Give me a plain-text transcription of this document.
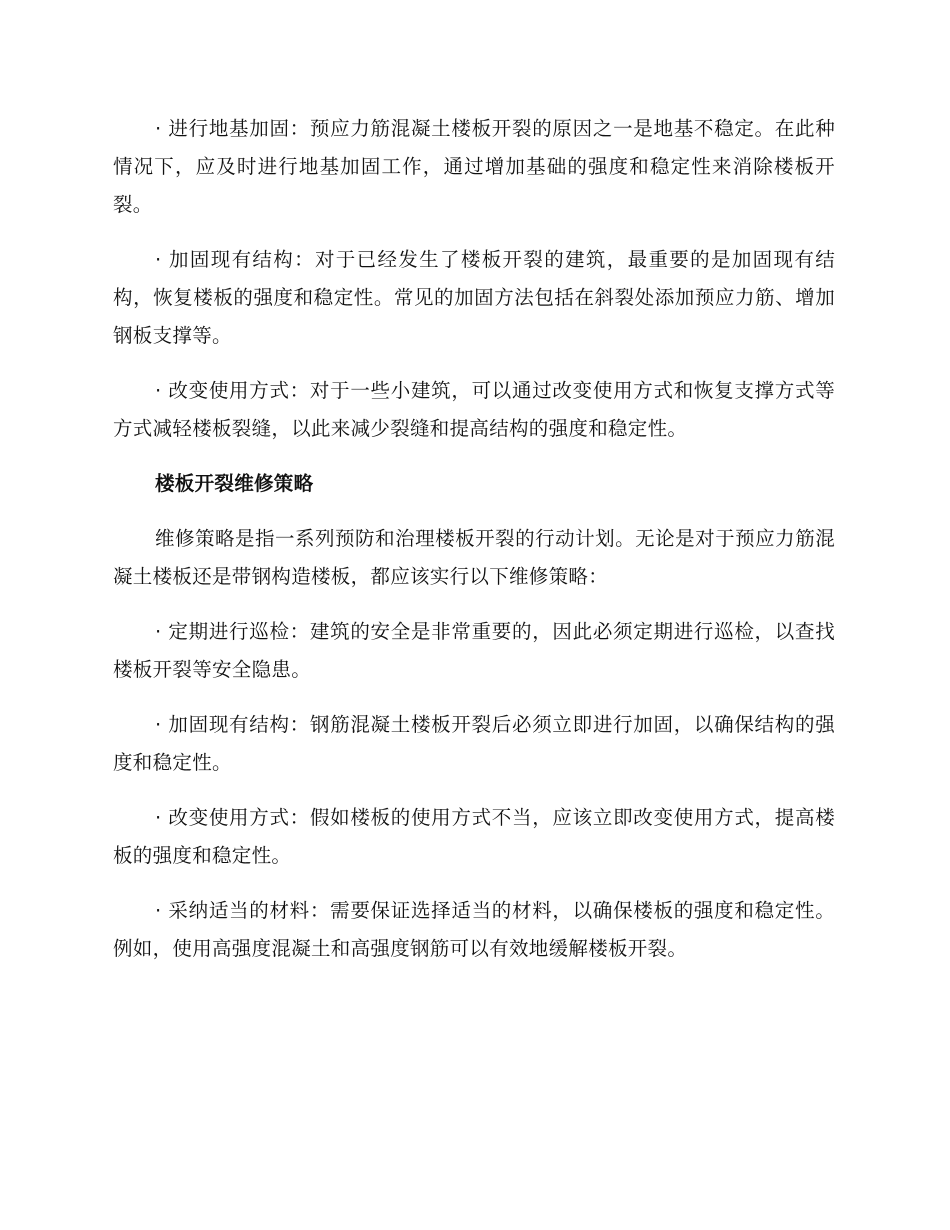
· 进行地基加固：预应力筋混凝土楼板开裂的原因之一是地基不稳定。在此种情况下，应及时进行地基加固工作，通过增加基础的强度和稳定性来消除楼板开裂。

· 加固现有结构：对于已经发生了楼板开裂的建筑，最重要的是加固现有结构，恢复楼板的强度和稳定性。常见的加固方法包括在斜裂处添加预应力筋、增加钢板支撑等。

· 改变使用方式：对于一些小建筑，可以通过改变使用方式和恢复支撑方式等方式减轻楼板裂缝，以此来减少裂缝和提高结构的强度和稳定性。

楼板开裂维修策略

维修策略是指一系列预防和治理楼板开裂的行动计划。无论是对于预应力筋混凝土楼板还是带钢构造楼板，都应该实行以下维修策略：

· 定期进行巡检：建筑的安全是非常重要的，因此必须定期进行巡检，以查找楼板开裂等安全隐患。

· 加固现有结构：钢筋混凝土楼板开裂后必须立即进行加固，以确保结构的强度和稳定性。

· 改变使用方式：假如楼板的使用方式不当，应该立即改变使用方式，提高楼板的强度和稳定性。

· 采纳适当的材料：需要保证选择适当的材料，以确保楼板的强度和稳定性。例如，使用高强度混凝土和高强度钢筋可以有效地缓解楼板开裂。
